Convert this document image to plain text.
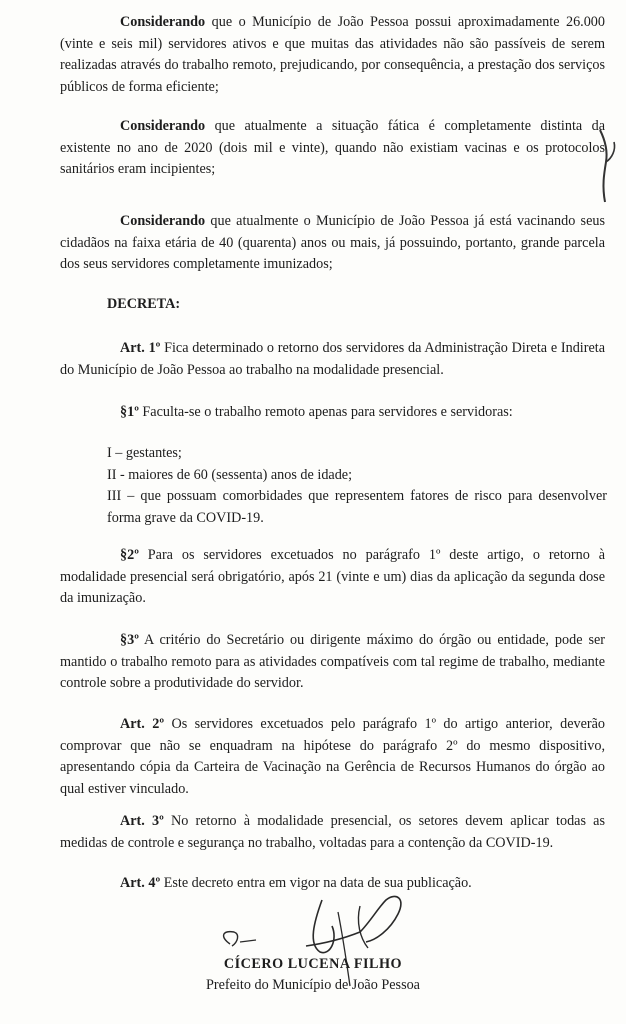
Considerando que o Município de João Pessoa possui aproximadamente 26.000 (vinte e seis mil) servidores ativos e que muitas das atividades não são passíveis de serem realizadas através do trabalho remoto, prejudicando, por consequência, a prestação dos serviços públicos de forma eficiente;

Considerando que atualmente a situação fática é completamente distinta da existente no ano de 2020 (dois mil e vinte), quando não existiam vacinas e os protocolos sanitários eram incipientes;

Considerando que atualmente o Município de João Pessoa já está vacinando seus cidadãos na faixa etária de 40 (quarenta) anos ou mais, já possuindo, portanto, grande parcela dos seus servidores completamente imunizados;

DECRETA:

Art. 1º Fica determinado o retorno dos servidores da Administração Direta e Indireta do Município de João Pessoa ao trabalho na modalidade presencial.

§1º Faculta-se o trabalho remoto apenas para servidores e servidoras:

I – gestantes;
II - maiores de 60 (sessenta) anos de idade;
III – que possuam comorbidades que representem fatores de risco para desenvolver forma grave da COVID-19.

§2º Para os servidores excetuados no parágrafo 1º deste artigo, o retorno à modalidade presencial será obrigatório, após 21 (vinte e um) dias da aplicação da segunda dose da imunização.

§3º A critério do Secretário ou dirigente máximo do órgão ou entidade, pode ser mantido o trabalho remoto para as atividades compatíveis com tal regime de trabalho, mediante controle sobre a produtividade do servidor.

Art. 2º Os servidores excetuados pelo parágrafo 1º do artigo anterior, deverão comprovar que não se enquadram na hipótese do parágrafo 2º do mesmo dispositivo, apresentando cópia da Carteira de Vacinação na Gerência de Recursos Humanos do órgão ao qual estiver vinculado.

Art. 3º No retorno à modalidade presencial, os setores devem aplicar todas as medidas de controle e segurança no trabalho, voltadas para a contenção da COVID-19.

Art. 4º Este decreto entra em vigor na data de sua publicação.

CÍCERO LUCENA FILHO
Prefeito do Município de João Pessoa
